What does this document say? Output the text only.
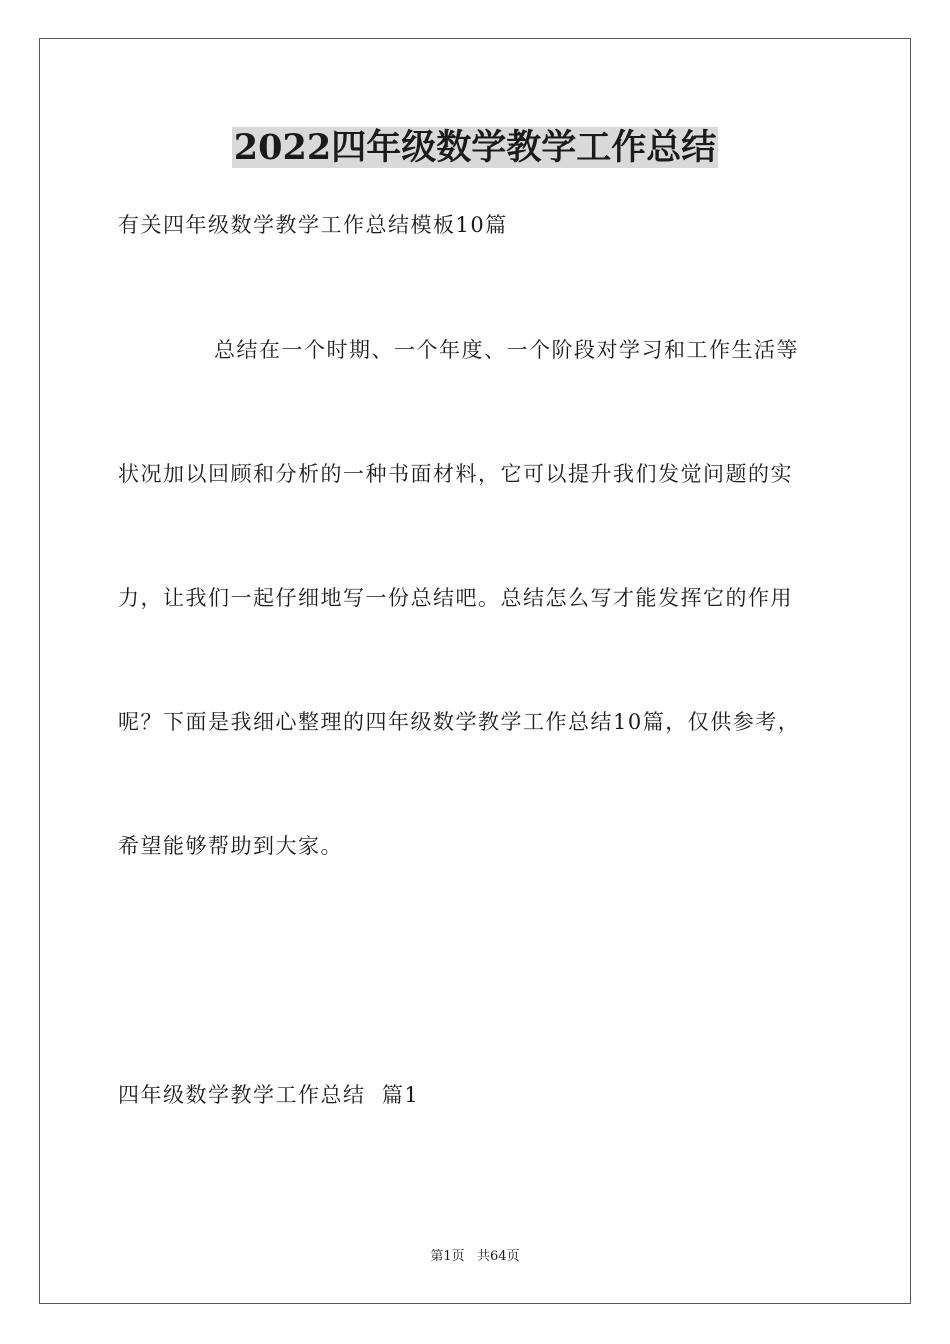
2022四年级数学教学工作总结
有关四年级数学教学工作总结模板10篇
总结在一个时期、一个年度、一个阶段对学习和工作生活等
状况加以回顾和分析的一种书面材料，它可以提升我们发觉问题的实
力，让我们一起仔细地写一份总结吧。总结怎么写才能发挥它的作用
呢？下面是我细心整理的四年级数学教学工作总结10篇，仅供参考，
希望能够帮助到大家。
四年级数学教学工作总结  篇1
第1页   共64页
